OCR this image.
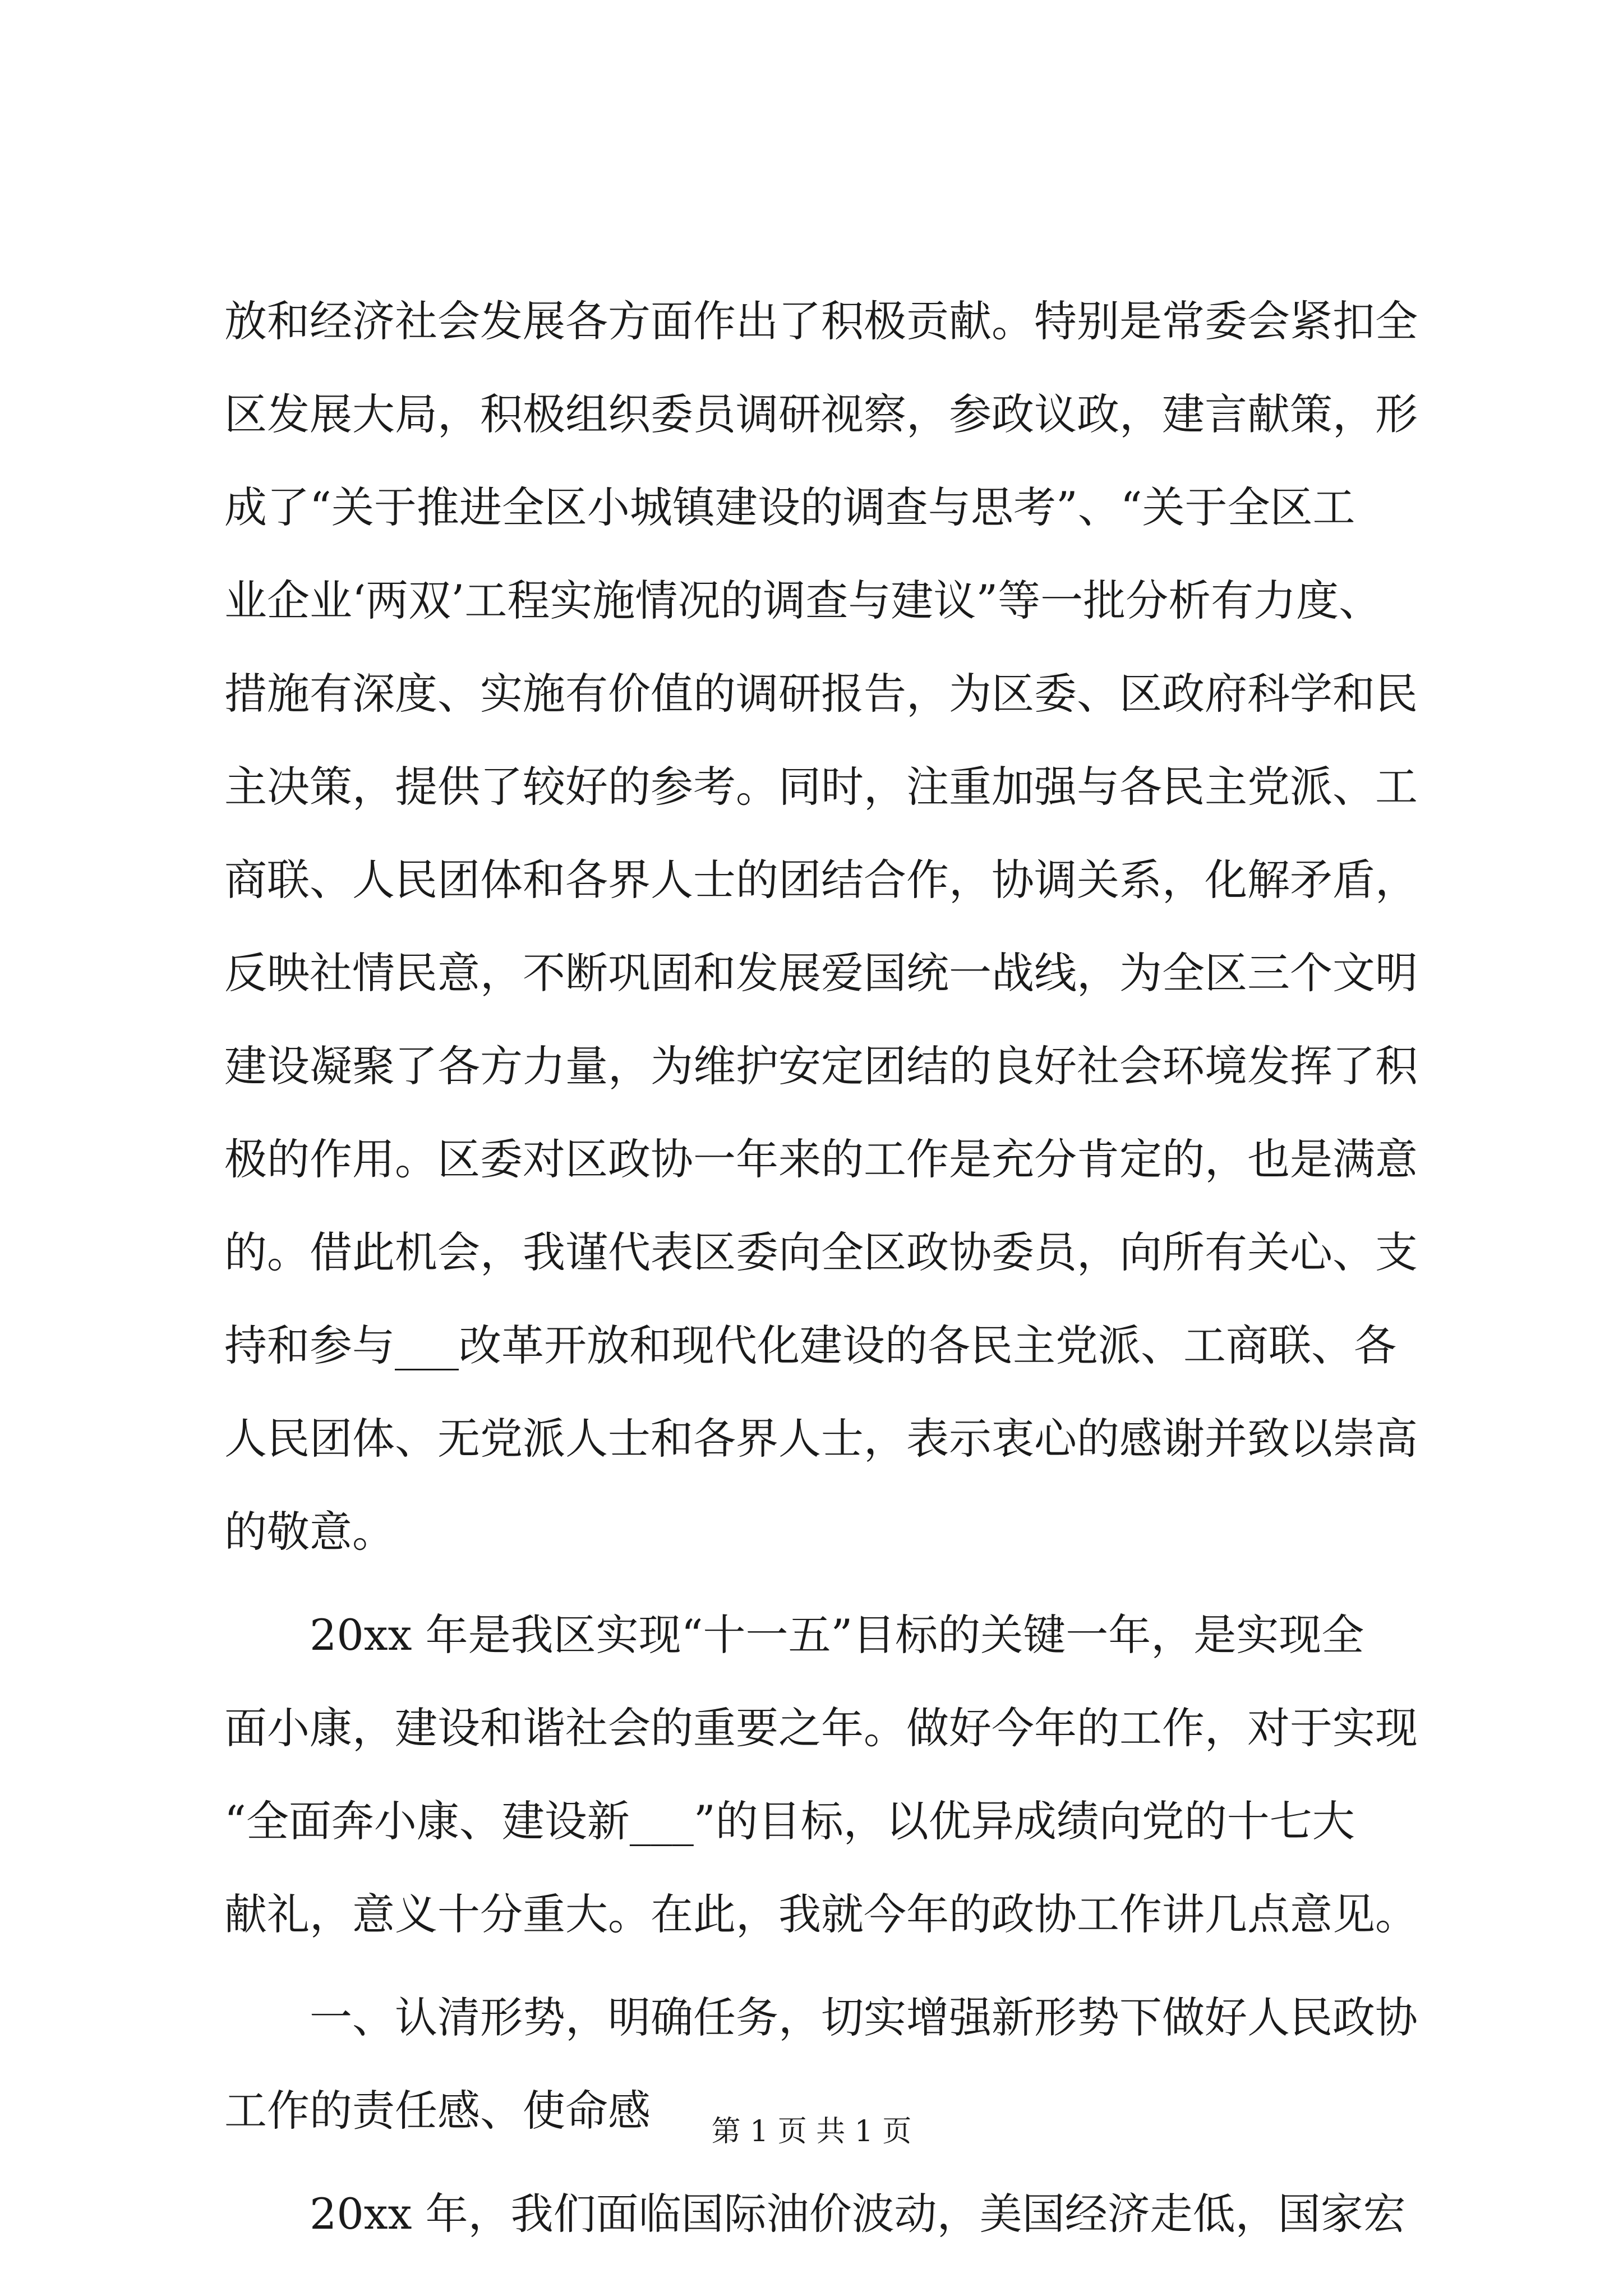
放和经济社会发展各方面作出了积极贡献。特别是常委会紧扣全
区发展大局，积极组织委员调研视察，参政议政，建言献策，形
成了“关于推进全区小城镇建设的调查与思考”、“关于全区工
业企业‘两双’工程实施情况的调查与建议”等一批分析有力度、
措施有深度、实施有价值的调研报告，为区委、区政府科学和民
主决策，提供了较好的参考。同时，注重加强与各民主党派、工
商联、人民团体和各界人士的团结合作，协调关系，化解矛盾，
反映社情民意，不断巩固和发展爱国统一战线，为全区三个文明
建设凝聚了各方力量，为维护安定团结的良好社会环境发挥了积
极的作用。区委对区政协一年来的工作是充分肯定的，也是满意
的。借此机会，我谨代表区委向全区政协委员，向所有关心、支
持和参与___改革开放和现代化建设的各民主党派、工商联、各
人民团体、无党派人士和各界人士，表示衷心的感谢并致以崇高
的敬意。
20xx 年是我区实现“十一五”目标的关键一年，是实现全
面小康，建设和谐社会的重要之年。做好今年的工作，对于实现
“全面奔小康、建设新___”的目标，以优异成绩向党的十七大
献礼，意义十分重大。在此，我就今年的政协工作讲几点意见。
一、认清形势，明确任务，切实增强新形势下做好人民政协
工作的责任感、使命感
20xx 年，我们面临国际油价波动，美国经济走低，国家宏
第 1 页 共 1 页
